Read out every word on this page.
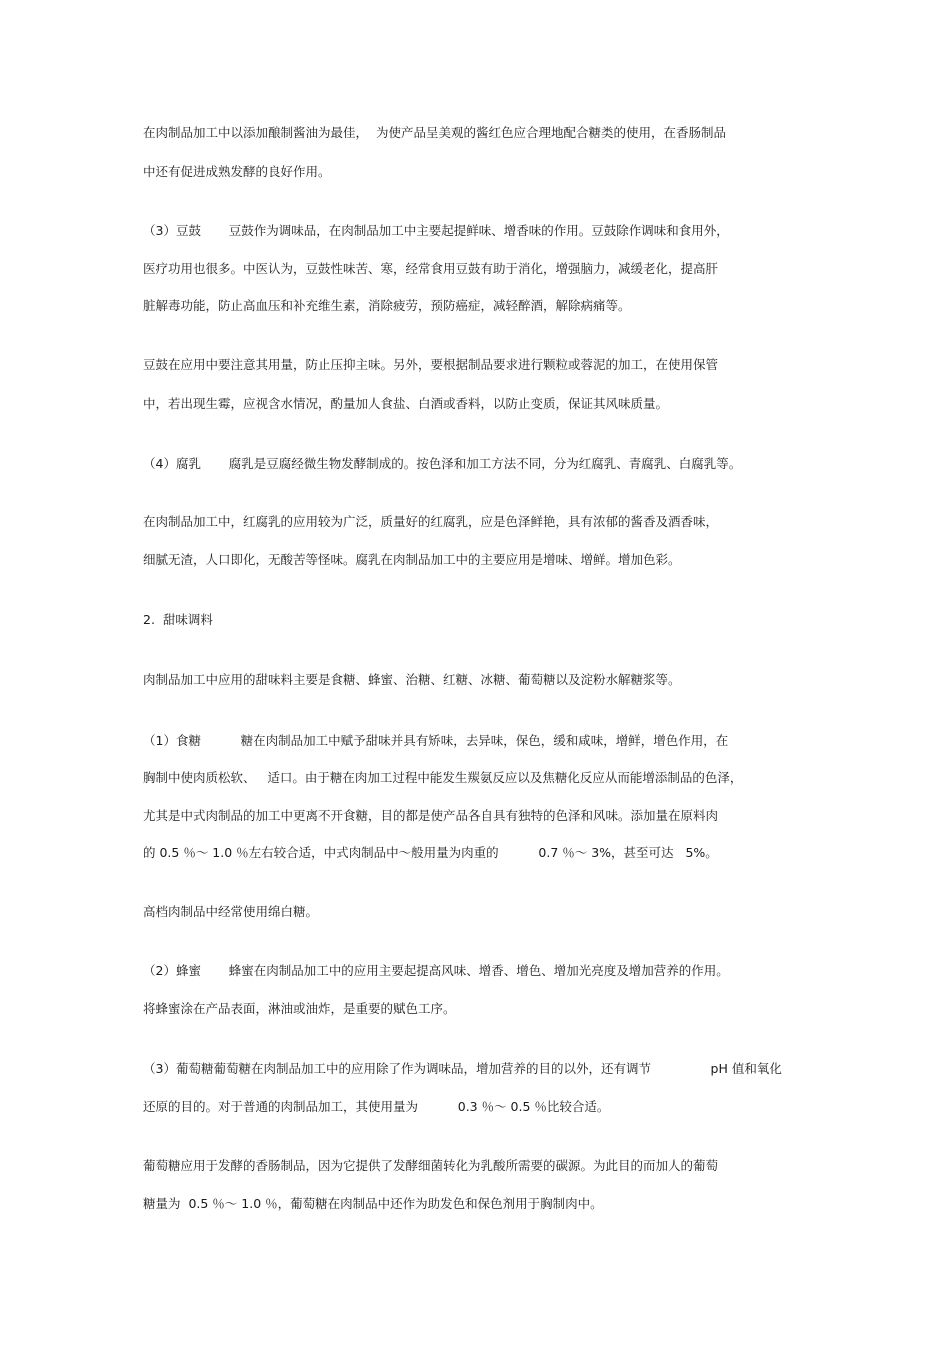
在肉制品加工中以添加酿制酱油为最佳，  为使产品呈美观的酱红色应合理地配合糖类的使用，在香肠制品
中还有促进成熟发酵的良好作用。
（3）豆鼓       豆鼓作为调味品，在肉制品加工中主要起提鲜味、增香味的作用。豆鼓除作调味和食用外，
医疗功用也很多。中医认为，豆鼓性味苦、寒，经常食用豆鼓有助于消化，增强脑力，减缓老化，提高肝
脏解毒功能，防止高血压和补充维生素，消除疲劳，预防癌症，减轻醉酒，解除病痛等。
豆鼓在应用中要注意其用量，防止压抑主味。另外，要根据制品要求进行颗粒或蓉泥的加工，在使用保管
中，若出现生霉，应视含水情况，酌量加人食盐、白酒或香料，以防止变质，保证其风味质量。
（4）腐乳       腐乳是豆腐经微生物发酵制成的。按色泽和加工方法不同，分为红腐乳、青腐乳、白腐乳等。
在肉制品加工中，红腐乳的应用较为广泛，质量好的红腐乳，应是色泽鲜艳，具有浓郁的酱香及酒香味，
细腻无渣，人口即化，无酸苦等怪味。腐乳在肉制品加工中的主要应用是增味、增鲜。增加色彩。
2.  甜味调料
肉制品加工中应用的甜味料主要是食糖、蜂蜜、治糖、红糖、冰糖、葡萄糖以及淀粉水解糖浆等。
（1）食糖          糖在肉制品加工中赋予甜味并具有矫味，去异味，保色，缓和咸味，增鲜，增色作用，在
胸制中使肉质松软、   适口。由于糖在肉加工过程中能发生羰氨反应以及焦糖化反应从而能增添制品的色泽，
尤其是中式肉制品的加工中更离不开食糖，目的都是使产品各自具有独特的色泽和风味。添加量在原料肉
的 0.5 ％～ 1.0 ％左右较合适，中式肉制品中～般用量为肉重的          0.7 ％～ 3%，甚至可达   5%。
高档肉制品中经常使用绵白糖。
（2）蜂蜜       蜂蜜在肉制品加工中的应用主要起提高风味、增香、增色、增加光亮度及增加营养的作用。
将蜂蜜涂在产品表面，淋油或油炸，是重要的赋色工序。
（3）葡萄糖葡萄糖在肉制品加工中的应用除了作为调味品，增加营养的目的以外，还有调节               pH 值和氧化
还原的目的。对于普通的肉制品加工，其使用量为          0.3 ％～ 0.5 ％比较合适。
葡萄糖应用于发酵的香肠制品，因为它提供了发酵细菌转化为乳酸所需要的碳源。为此目的而加人的葡萄
糖量为  0.5 ％～ 1.0 ％，葡萄糖在肉制品中还作为助发色和保色剂用于胸制肉中。
